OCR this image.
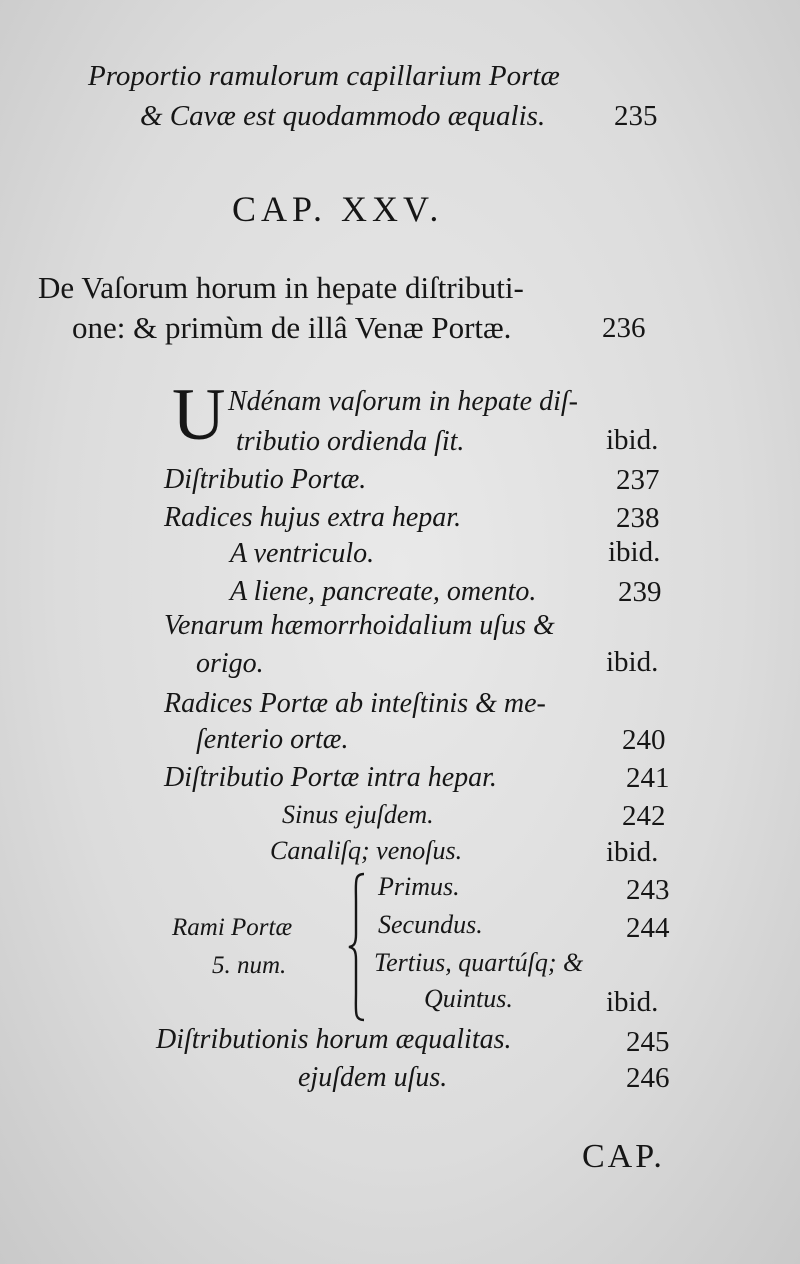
Proportio ramulorum capillarium Portæ
& Cavæ est quodammodo æqualis. 235
CAP. XXV.
De Vaſorum horum in hepate diſtributi-
one: & primùm de illâ Venæ Portæ.	236
U Ndénam vaſorum in hepate diſ-
tributio ordienda ſit.	ibid.
Diſtributio Portæ.	237
Radices hujus extra hepar.	238
A ventriculo.	ibid.
A liene, pancreate, omento.	239
Venarum hæmorrhoidalium uſus &
origo.	ibid.
Radices Portæ ab inteſtinis & me-
ſenterio ortæ.	240
Diſtributio Portæ intra hepar.	241
Sinus ejuſdem.	242
Canaliſq; venoſus.	ibid.
Rami Portæ
5. num.
Primus.	243
Secundus.	244
Tertius, quartúſq; &
Quintus.	ibid.
Diſtributionis horum æqualitas.	245
ejuſdem uſus.	246
CAP.
